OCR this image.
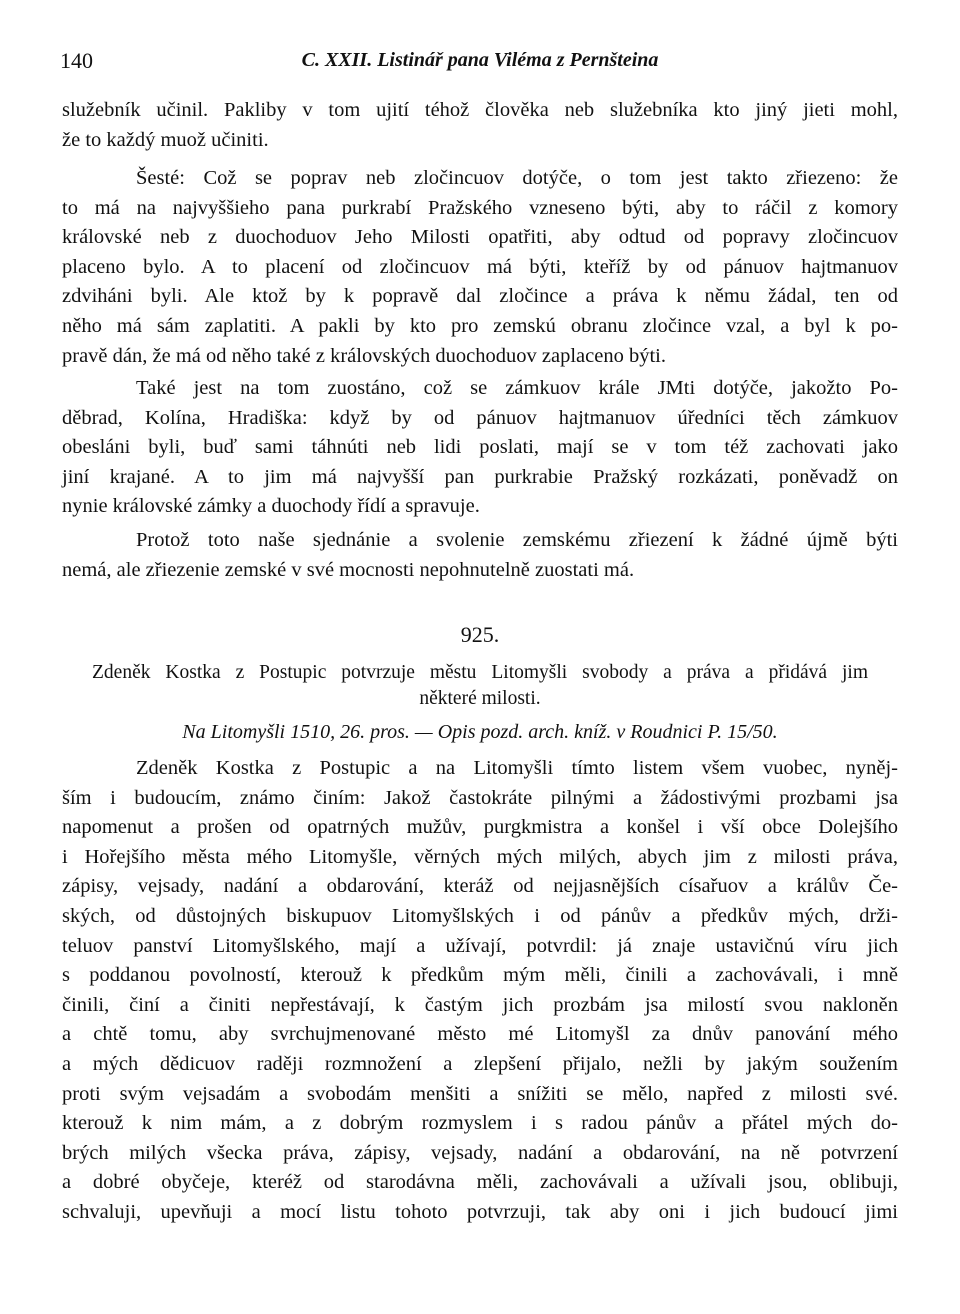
140	C. XXII. Listinář pana Viléma z Pernšteina
služebník učinil. Pakliby v tom ujití téhož člověka neb služebníka kto jiný jieti mohl,
že to každý muož učiniti.
Šesté: Což se poprav neb zločincuov dotýče, o tom jest takto zřiezeno: že
to má na najvyššieho pana purkrabí Pražského vzneseno býti, aby to ráčil z komory
královské neb z duochoduov Jeho Milosti opatřiti, aby odtud od popravy zločincuov
placeno bylo. A to placení od zločincuov má býti, kteříž by od pánuov hajtmanuov
zdviháni byli. Ale ktož by k popravě dal zločince a práva k němu žádal, ten od
něho má sám zaplatiti. A pakli by kto pro zemskú obranu zločince vzal, a byl k po-
pravě dán, že má od něho také z královských duochoduov zaplaceno býti.
Také jest na tom zuostáno, což se zámkuov krále JMti dotýče, jakožto Po-
děbrad, Kolína, Hradiška: když by od pánuov hajtmanuov úředníci těch zámkuov
obesláni byli, buď sami táhnúti neb lidi poslati, mají se v tom též zachovati jako
jiní krajané. A to jim má najvyšší pan purkrabie Pražský rozkázati, poněvadž on
nynie královské zámky a duochody řídí a spravuje.
Protož toto naše sjednánie a svolenie zemskému zřiezení k žádné újmě býti
nemá, ale zřiezenie zemské v své mocnosti nepohnutelně zuostati má.
925.
Zdeněk Kostka z Postupic potvrzuje městu Litomyšli svobody a práva a přidává jim
některé milosti.
Na Litomyšli 1510, 26. pros. — Opis pozd. arch. kníž. v Roudnici P. 15/50.
Zdeněk Kostka z Postupic a na Litomyšli tímto listem všem vuobec, nyněj-
ším i budoucím, známo činím: Jakož častokráte pilnými a žádostivými prozbami jsa
napomenut a prošen od opatrných mužův, purgkmistra a konšel i vší obce Dolejšího
i Hořejšího města mého Litomyšle, věrných mých milých, abych jim z milosti práva,
zápisy, vejsady, nadání a obdarování, kteráž od nejjasnějších císařuov a králův Če-
ských, od důstojných biskupuov Litomyšlských i od pánův a předkův mých, drži-
teluov panství Litomyšlského, mají a užívají, potvrdil: já znaje ustavičnú víru jich
s poddanou povolností, kterouž k předkům mým měli, činili a zachovávali, i mně
činili, činí a činiti nepřestávají, k častým jich prozbám jsa milostí svou nakloněn
a chtě tomu, aby svrchujmenované město mé Litomyšl za dnův panování mého
a mých dědicuov raději rozmnožení a zlepšení přijalo, nežli by jakým soužením
proti svým vejsadám a svobodám menšiti a snížiti se mělo, napřed z milosti své.
kterouž k nim mám, a z dobrým rozmyslem i s radou pánův a přátel mých do-
brých milých všecka práva, zápisy, vejsady, nadání a obdarování, na ně potvrzení
a dobré obyčeje, kteréž od starodávna měli, zachovávali a užívali jsou, oblibuji,
schvaluji, upevňuji a mocí listu tohoto potvrzuji, tak aby oni i jich budoucí jimi
